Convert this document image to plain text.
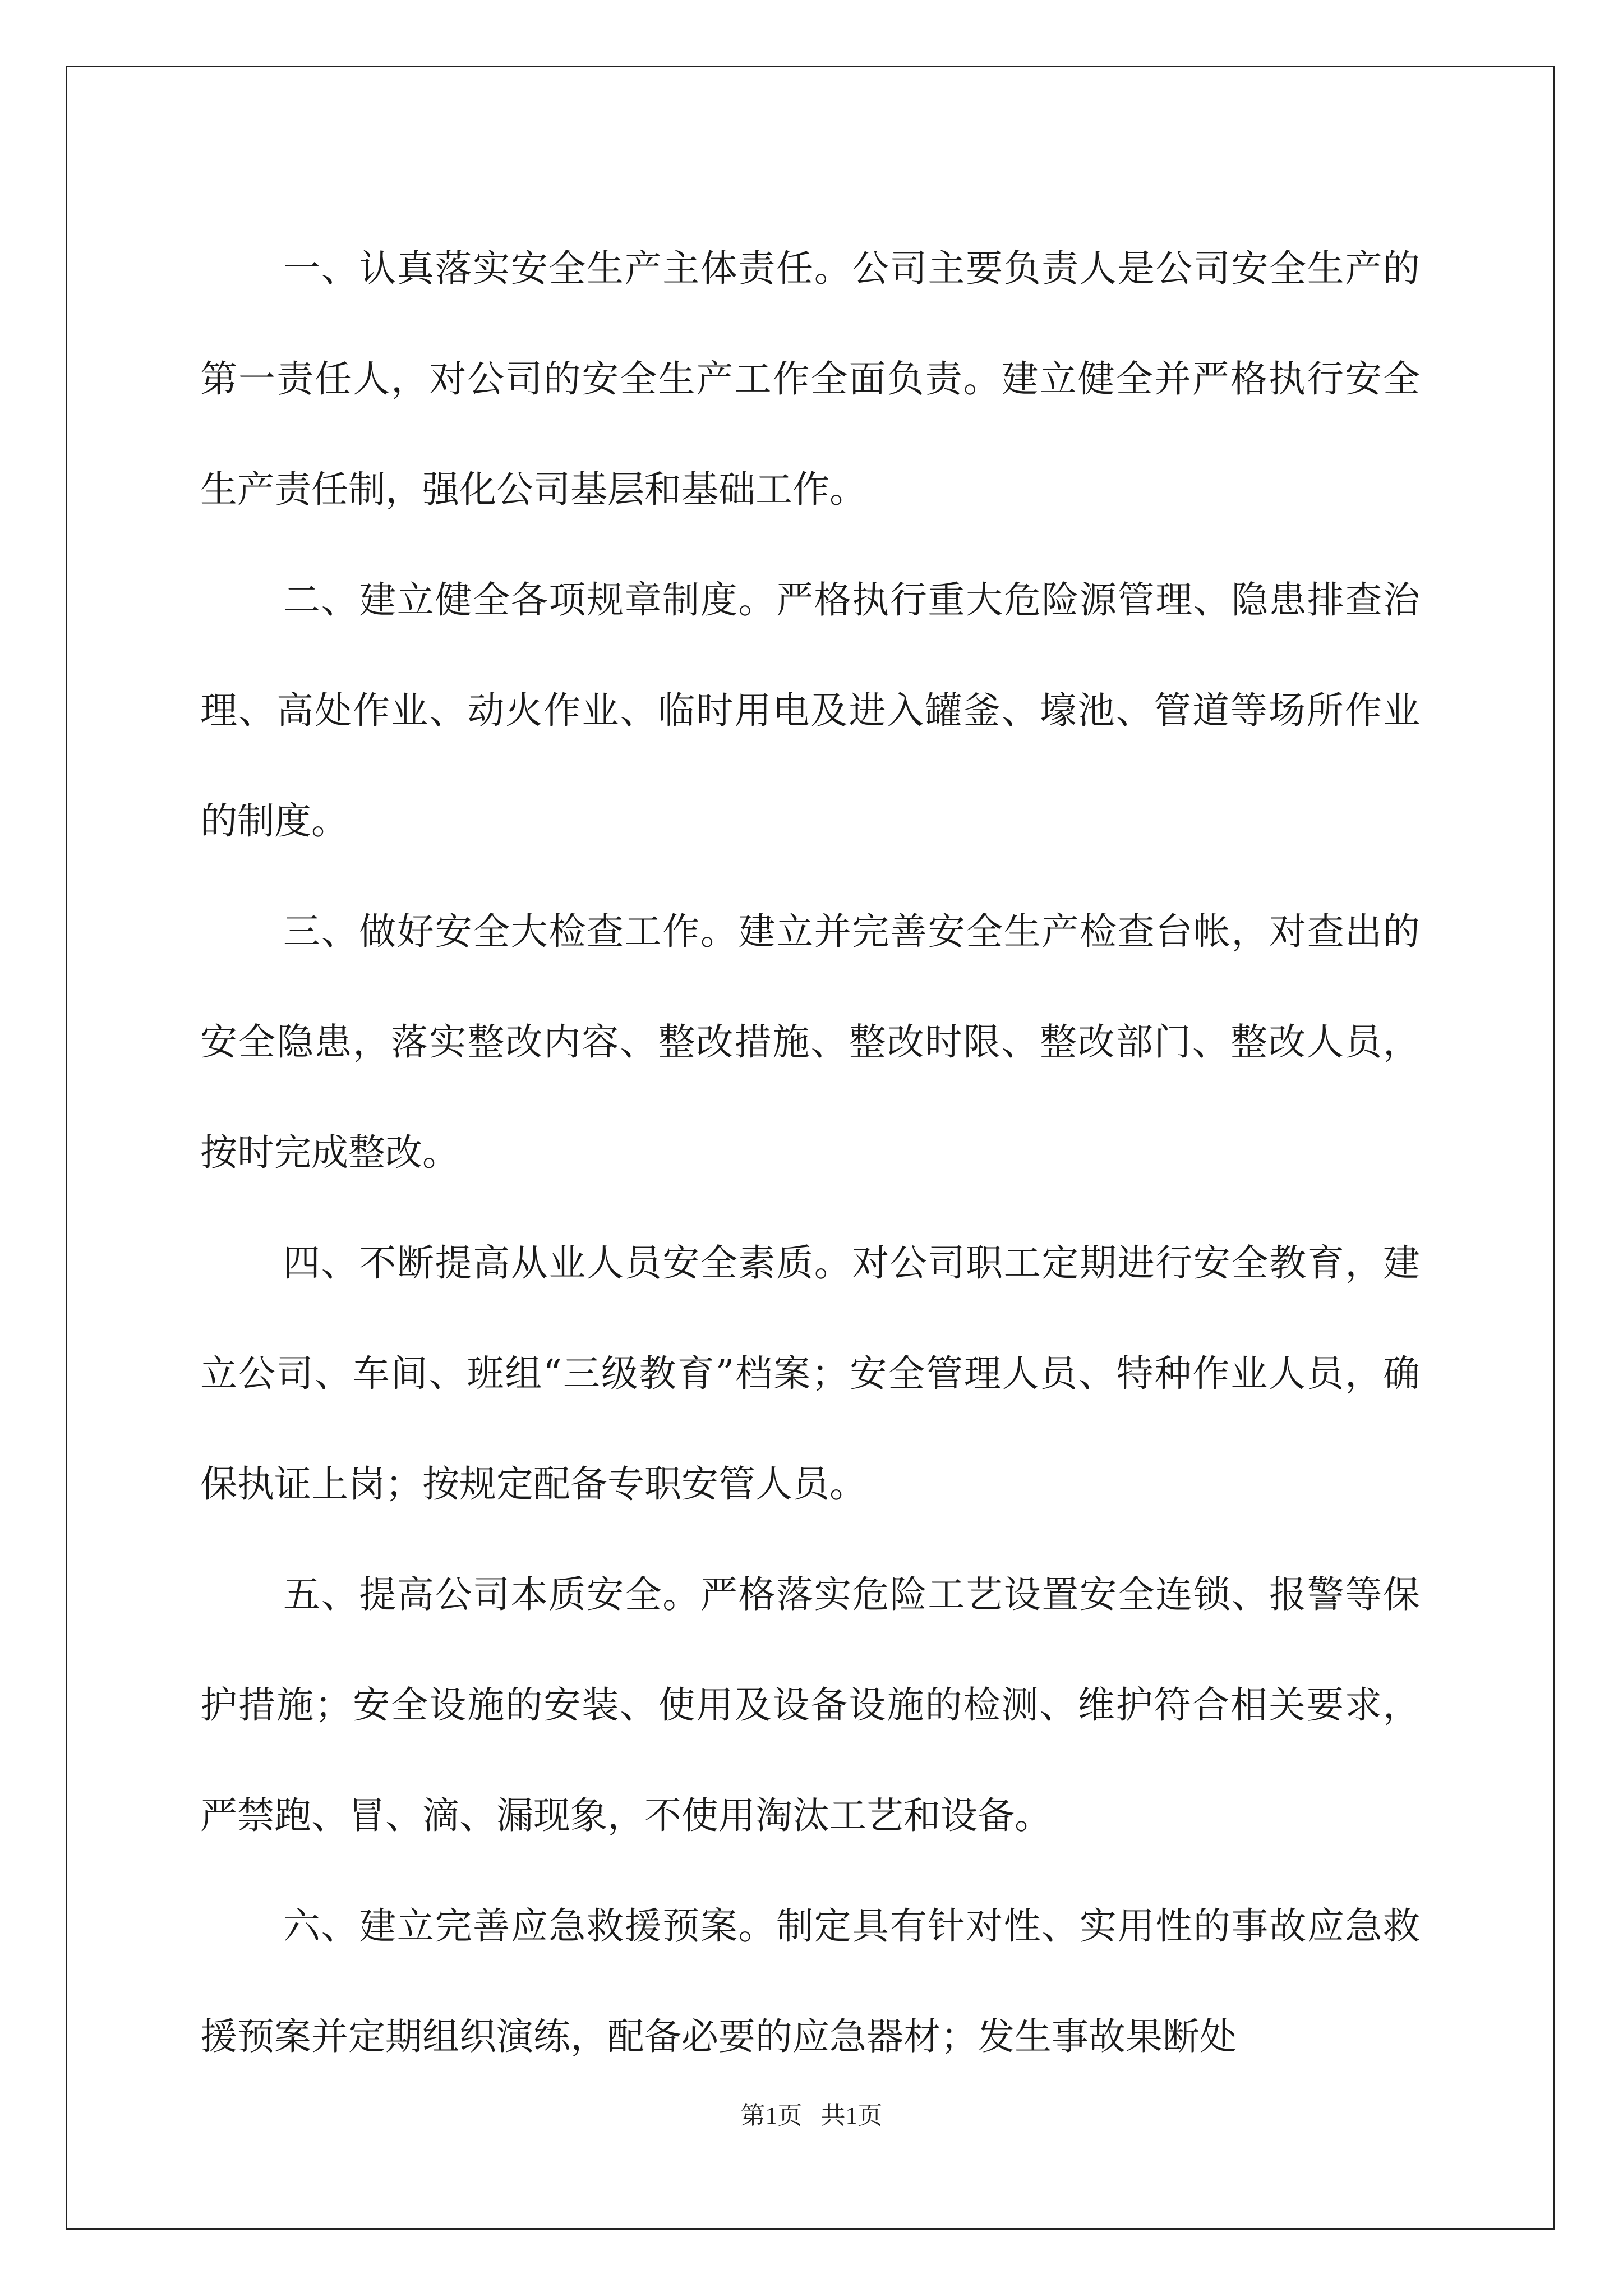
一、认真落实安全生产主体责任。公司主要负责人是公司安全生产的第一责任人，对公司的安全生产工作全面负责。建立健全并严格执行安全生产责任制，强化公司基层和基础工作。

二、建立健全各项规章制度。严格执行重大危险源管理、隐患排查治理、高处作业、动火作业、临时用电及进入罐釜、壕池、管道等场所作业的制度。

三、做好安全大检查工作。建立并完善安全生产检查台帐，对查出的安全隐患，落实整改内容、整改措施、整改时限、整改部门、整改人员，按时完成整改。

四、不断提高从业人员安全素质。对公司职工定期进行安全教育，建立公司、车间、班组“三级教育”档案；安全管理人员、特种作业人员，确保执证上岗；按规定配备专职安管人员。

五、提高公司本质安全。严格落实危险工艺设置安全连锁、报警等保护措施；安全设施的安装、使用及设备设施的检测、维护符合相关要求，严禁跑、冒、滴、漏现象，不使用淘汰工艺和设备。

六、建立完善应急救援预案。制定具有针对性、实用性的事故应急救援预案并定期组织演练，配备必要的应急器材；发生事故果断处

第1页   共1页
